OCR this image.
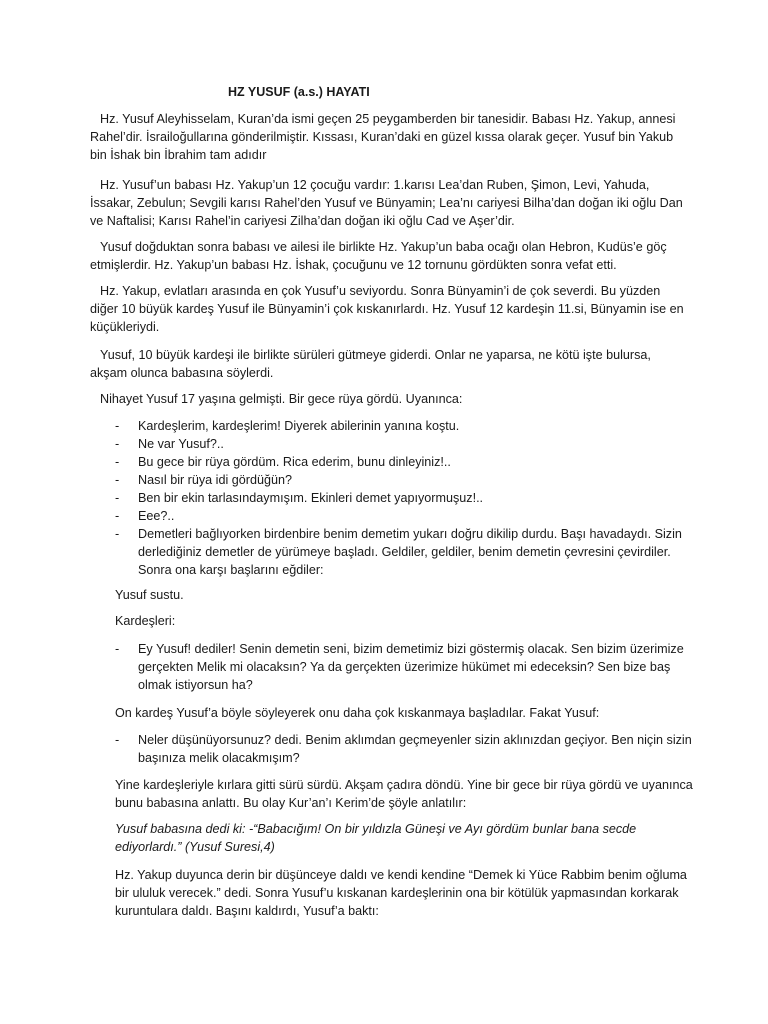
HZ YUSUF (a.s.) HAYATI

Hz. Yusuf Aleyhisselam, Kuran’da ismi geçen 25 peygamberden bir tanesidir. Babası Hz. Yakup, annesi Rahel’dir. İsrailoğullarına gönderilmiştir. Kıssası, Kuran’daki en güzel kıssa olarak geçer. Yusuf bin Yakub bin İshak bin İbrahim tam adıdır

Hz. Yusuf’un babası Hz. Yakup’un 12 çocuğu vardır: 1.karısı Lea’dan Ruben, Şimon, Levi, Yahuda, İssakar, Zebulun; Sevgili karısı Rahel’den Yusuf ve Bünyamin; Lea’nı cariyesi Bilha’dan doğan iki oğlu Dan ve Naftalisi; Karısı Rahel’in cariyesi Zilha’dan doğan iki oğlu Cad ve Aşer’dir.

Yusuf doğduktan sonra babası ve ailesi ile birlikte Hz. Yakup’un baba ocağı olan Hebron, Kudüs’e göç etmişlerdir. Hz. Yakup’un babası Hz. İshak, çocuğunu ve 12 tornunu gördükten sonra vefat etti.

Hz. Yakup, evlatları arasında en çok Yusuf’u seviyordu. Sonra Bünyamin’i de çok severdi. Bu yüzden diğer 10 büyük kardeş Yusuf ile Bünyamin’i çok kıskanırlardı. Hz. Yusuf 12 kardeşin 11.si, Bünyamin ise en küçükleriydi.

Yusuf, 10 büyük kardeşi ile birlikte sürüleri gütmeye giderdi. Onlar ne yaparsa, ne kötü işte bulursa, akşam olunca babasına söylerdi.

Nihayet Yusuf 17 yaşına gelmişti. Bir gece rüya gördü. Uyanınca:

- Kardeşlerim, kardeşlerim! Diyerek abilerinin yanına koştu.
- Ne var Yusuf?..
- Bu gece bir rüya gördüm. Rica ederim, bunu dinleyiniz!..
- Nasıl bir rüya idi gördüğün?
- Ben bir ekin tarlasındaymışım. Ekinleri demet yapıyormuşuz!..
- Eee?..
- Demetleri bağlıyorken birdenbire benim demetim yukarı doğru dikilip durdu. Başı havadaydı. Sizin derlediğiniz demetler de yürümeye başladı. Geldiler, geldiler, benim demetin çevresini çevirdiler. Sonra ona karşı başlarını eğdiler:

Yusuf sustu.

Kardeşleri:

- Ey Yusuf! dediler! Senin demetin seni, bizim demetimiz bizi göstermiş olacak. Sen bizim üzerimize gerçekten Melik mi olacaksın? Ya da gerçekten üzerimize hükümet mi edeceksin? Sen bize baş olmak istiyorsun ha?

On kardeş Yusuf’a böyle söyleyerek onu daha çok kıskanmaya başladılar. Fakat Yusuf:

- Neler düşünüyorsunuz? dedi. Benim aklımdan geçmeyenler sizin aklınızdan geçiyor. Ben niçin sizin başınıza melik olacakmışım?

Yine kardeşleriyle kırlara gitti sürü sürdü. Akşam çadıra döndü. Yine bir gece bir rüya gördü ve uyanınca bunu babasına anlattı. Bu olay Kur’an’ı Kerim’de şöyle anlatılır:

Yusuf babasına dedi ki: -“Babacığım! On bir yıldızla Güneşi ve Ayı gördüm bunlar bana secde ediyorlardı.” (Yusuf Suresi,4)

Hz. Yakup duyunca derin bir düşünceye daldı ve kendi kendine “Demek ki Yüce Rabbim benim oğluma bir ululuk verecek.” dedi. Sonra Yusuf’u kıskanan kardeşlerinin ona bir kötülük yapmasından korkarak kuruntulara daldı. Başını kaldırdı, Yusuf’a baktı:
